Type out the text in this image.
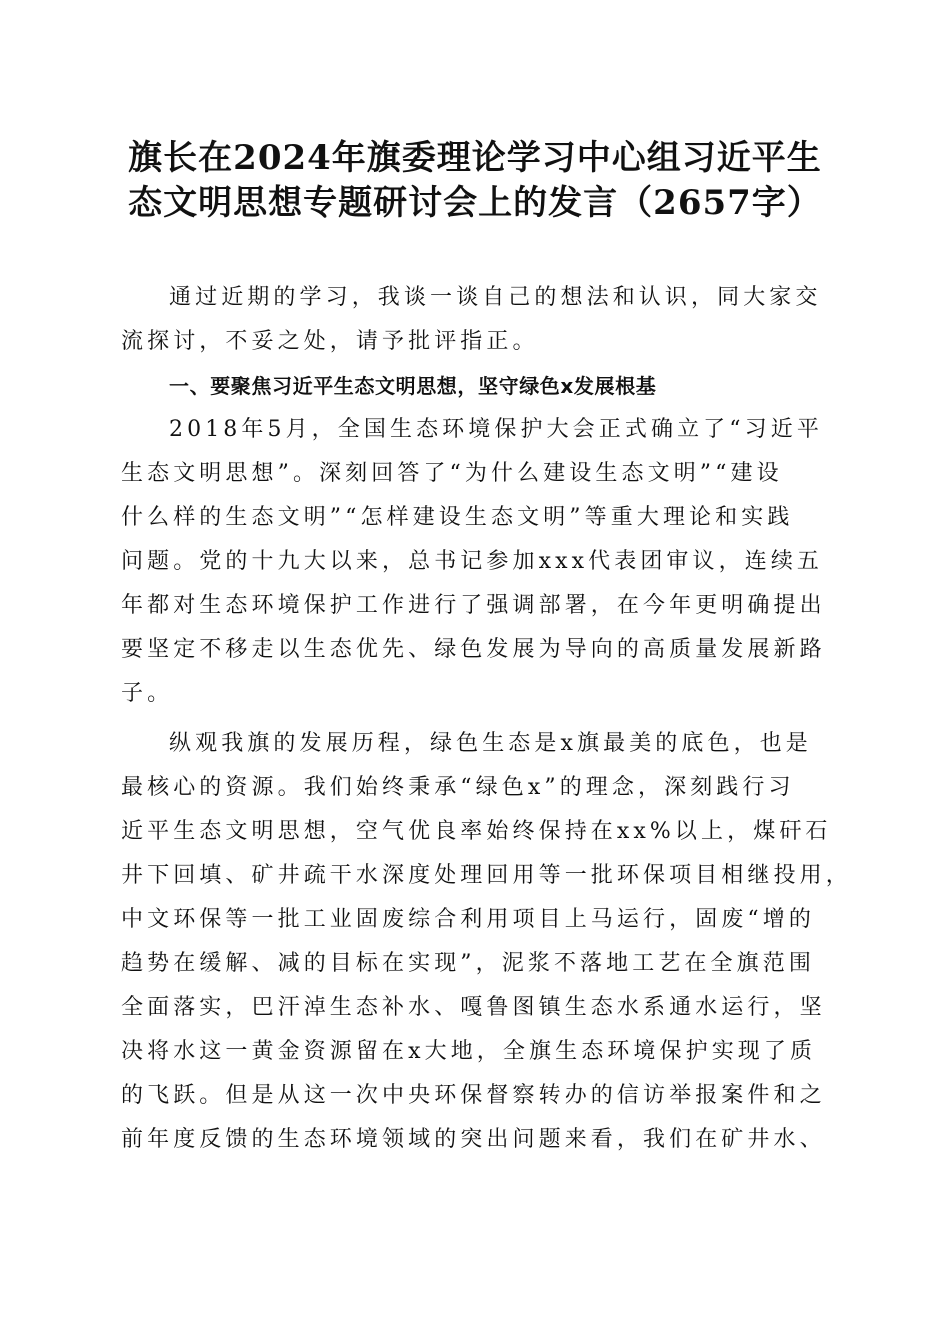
旗长在2024年旗委理论学习中心组习近平生
态文明思想专题研讨会上的发言（2657字）
通过近期的学习，我谈一谈自己的想法和认识，同大家交
流探讨，不妥之处，请予批评指正。
一、要聚焦习近平生态文明思想，坚守绿色x发展根基
2018年5月，全国生态环境保护大会正式确立了“习近平
生态文明思想”。深刻回答了“为什么建设生态文明”“建设
什么样的生态文明”“怎样建设生态文明”等重大理论和实践
问题。党的十九大以来，总书记参加xxx代表团审议，连续五
年都对生态环境保护工作进行了强调部署，在今年更明确提出
要坚定不移走以生态优先、绿色发展为导向的高质量发展新路
子。
纵观我旗的发展历程，绿色生态是x旗最美的底色，也是
最核心的资源。我们始终秉承“绿色x”的理念，深刻践行习
近平生态文明思想，空气优良率始终保持在xx%以上，煤矸石
井下回填、矿井疏干水深度处理回用等一批环保项目相继投用，
中文环保等一批工业固废综合利用项目上马运行，固废“增的
趋势在缓解、减的目标在实现”，泥浆不落地工艺在全旗范围
全面落实，巴汗淖生态补水、嘎鲁图镇生态水系通水运行，坚
决将水这一黄金资源留在x大地，全旗生态环境保护实现了质
的飞跃。但是从这一次中央环保督察转办的信访举报案件和之
前年度反馈的生态环境领域的突出问题来看，我们在矿井水、
